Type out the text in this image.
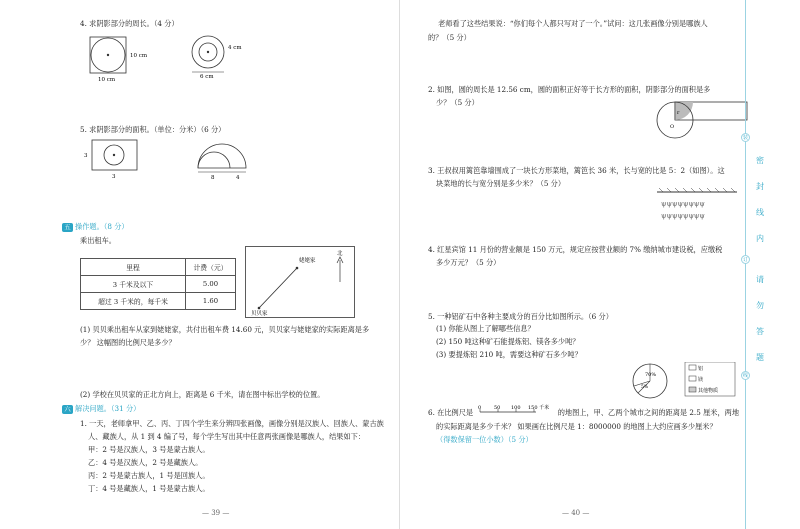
4. 求阴影部分的周长。（4 分）
10 cm
10 cm
4 cm
6 cm
5. 求阴影部分的面积。（单位：分米）（6 分）
3
3	8	4
五 操作题。（8 分）
乘出租车。
里程	计费（元）
3 千米及以下	5.00
超过 3 千米的，每千米	1.60
姥姥家
贝贝家
北
(1) 贝贝乘出租车从家到姥姥家，共付出租车费 14.60 元，贝贝家与姥姥家的实际距离是多
少？ 这幅图的比例尺是多少？
(2) 学校在贝贝家的正北方向上，距离是 6 千米，请在图中标出学校的位置。
六 解决问题。（31 分）
1. 一天，老师拿甲、乙、丙、丁四个学生来分辨四张画像，画像分别是汉族人、回族人、蒙古族
人、藏族人，从 1 到 4 编了号，每个学生写出其中任意两张画像是哪族人，结果如下：
甲：2 号是汉族人，3 号是蒙古族人。
乙：4 号是汉族人，2 号是藏族人。
丙：2 号是蒙古族人，1 号是回族人。
丁：4 号是藏族人，1 号是蒙古族人。
— 39 —
老师看了这些结果说：“你们每个人都只写对了一个。”试问：这几张画像分别是哪族人
的？（5 分）
2. 如图，圆的周长是 12.56 cm，圆的面积正好等于长方形的面积，阴影部分的面积是多
少？（5 分）
O
r
3. 王叔叔用篱笆靠墙围成了一块长方形菜地，篱笆长 36 米，长与宽的比是 5：2（如图）。这
块菜地的长与宽分别是多少米？（5 分）
ψψψψψψψψ
ψψψψψψψψ
4. 红星宾馆 11 月份的营业额是 150 万元，规定应按营业额的 7% 缴纳城市建设税，应缴税
多少万元？（5 分）
5. 一种铝矿石中各种主要成分的百分比如图所示。（6 分）
(1) 你能从图上了解哪些信息？
(2) 150 吨这种矿石能提炼铝、镁各多少吨？
(3) 要提炼铝 210 吨，需要这种矿石多少吨？
70%
5%
铝
镁
其他物质
6. 在比例尺是	的地图上，甲、乙两个城市之间的距离是 2.5 厘米，两地
0	50 100 150 千米
的实际距离是多少千米？ 如果画在比例尺是 1：8000000 的地图上大约应画多少厘米？
（得数保留一位小数）（5 分）
— 40 —
装
订
线
密
封
线
内
请
勿
答
题
